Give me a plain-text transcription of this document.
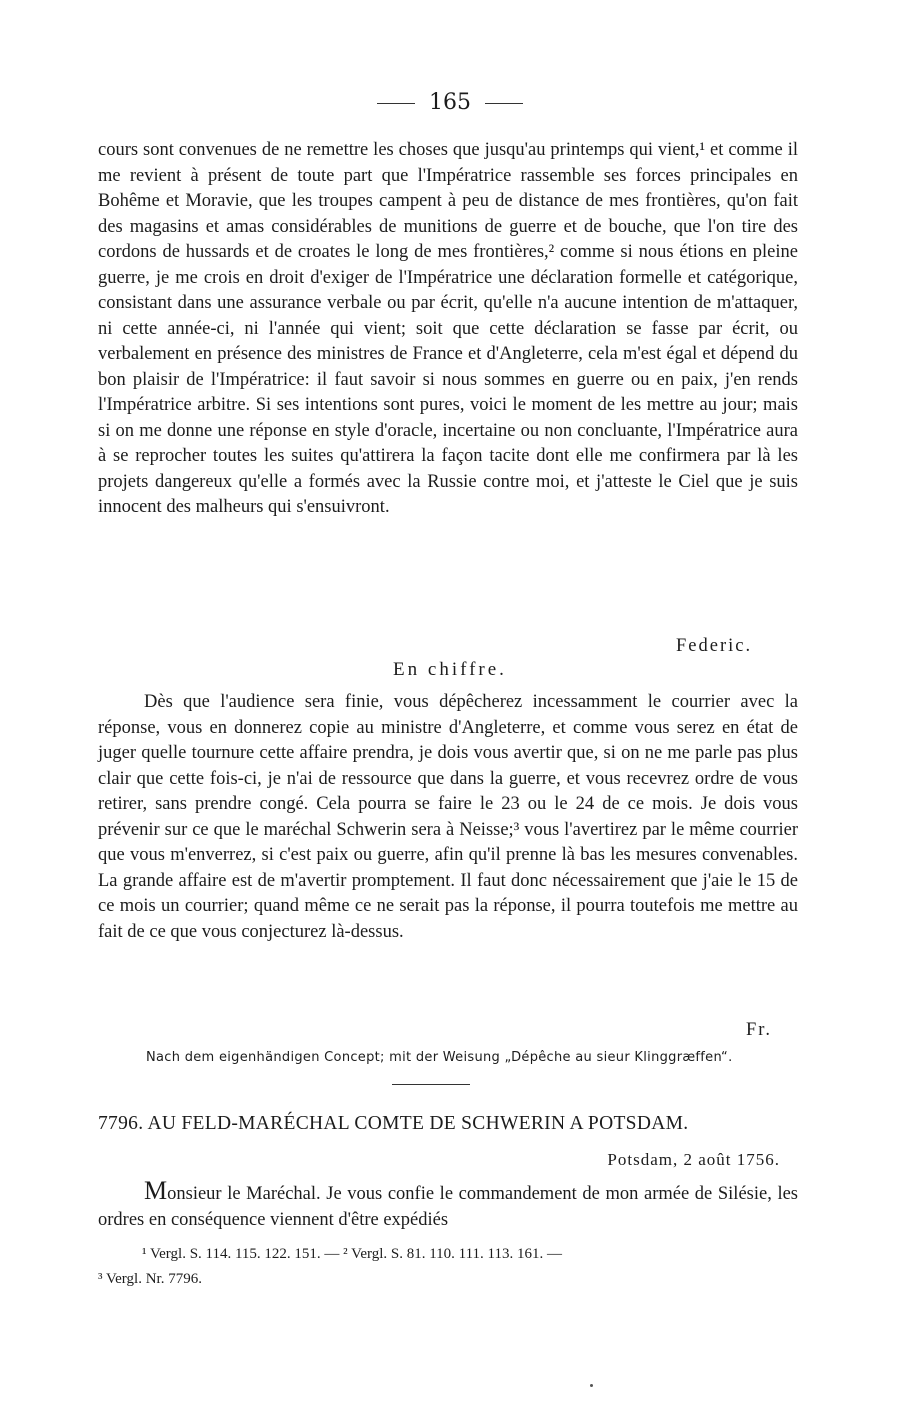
165

cours sont convenues de ne remettre les choses que jusqu'au printemps qui vient,¹ et comme il me revient à présent de toute part que l'Impératrice rassemble ses forces principales en Bohême et Moravie, que les troupes campent à peu de distance de mes frontières, qu'on fait des magasins et amas considérables de munitions de guerre et de bouche, que l'on tire des cordons de hussards et de croates le long de mes frontières,² comme si nous étions en pleine guerre, je me crois en droit d'exiger de l'Impératrice une déclaration formelle et catégorique, consistant dans une assurance verbale ou par écrit, qu'elle n'a aucune intention de m'attaquer, ni cette année-ci, ni l'année qui vient; soit que cette déclaration se fasse par écrit, ou verbalement en présence des ministres de France et d'Angleterre, cela m'est égal et dépend du bon plaisir de l'Impératrice: il faut savoir si nous sommes en guerre ou en paix, j'en rends l'Impératrice arbitre. Si ses intentions sont pures, voici le moment de les mettre au jour; mais si on me donne une réponse en style d'oracle, incertaine ou non concluante, l'Impératrice aura à se reprocher toutes les suites qu'attirera la façon tacite dont elle me confirmera par là les projets dangereux qu'elle a formés avec la Russie contre moi, et j'atteste le Ciel que je suis innocent des malheurs qui s'ensuivront.

Federic.
En chiffre.

Dès que l'audience sera finie, vous dépêcherez incessamment le courrier avec la réponse, vous en donnerez copie au ministre d'Angleterre, et comme vous serez en état de juger quelle tournure cette affaire prendra, je dois vous avertir que, si on ne me parle pas plus clair que cette fois-ci, je n'ai de ressource que dans la guerre, et vous recevrez ordre de vous retirer, sans prendre congé. Cela pourra se faire le 23 ou le 24 de ce mois. Je dois vous prévenir sur ce que le maréchal Schwerin sera à Neisse;³ vous l'avertirez par le même courrier que vous m'enverrez, si c'est paix ou guerre, afin qu'il prenne là bas les mesures convenables. La grande affaire est de m'avertir promptement. Il faut donc nécessairement que j'aie le 15 de ce mois un courrier; quand même ce ne serait pas la réponse, il pourra toutefois me mettre au fait de ce que vous conjecturez là-dessus.

Fr.
Nach dem eigenhändigen Concept; mit der Weisung „Dépêche au sieur Klinggræffen“.
7796. AU FELD-MARÉCHAL COMTE DE SCHWERIN A POTSDAM.
Potsdam, 2 août 1756.

Monsieur le Maréchal. Je vous confie le commandement de mon armée de Silésie, les ordres en conséquence viennent d'être expédiés

¹ Vergl. S. 114. 115. 122. 151. — ² Vergl. S. 81. 110. 111. 113. 161. —

³ Vergl. Nr. 7796.
